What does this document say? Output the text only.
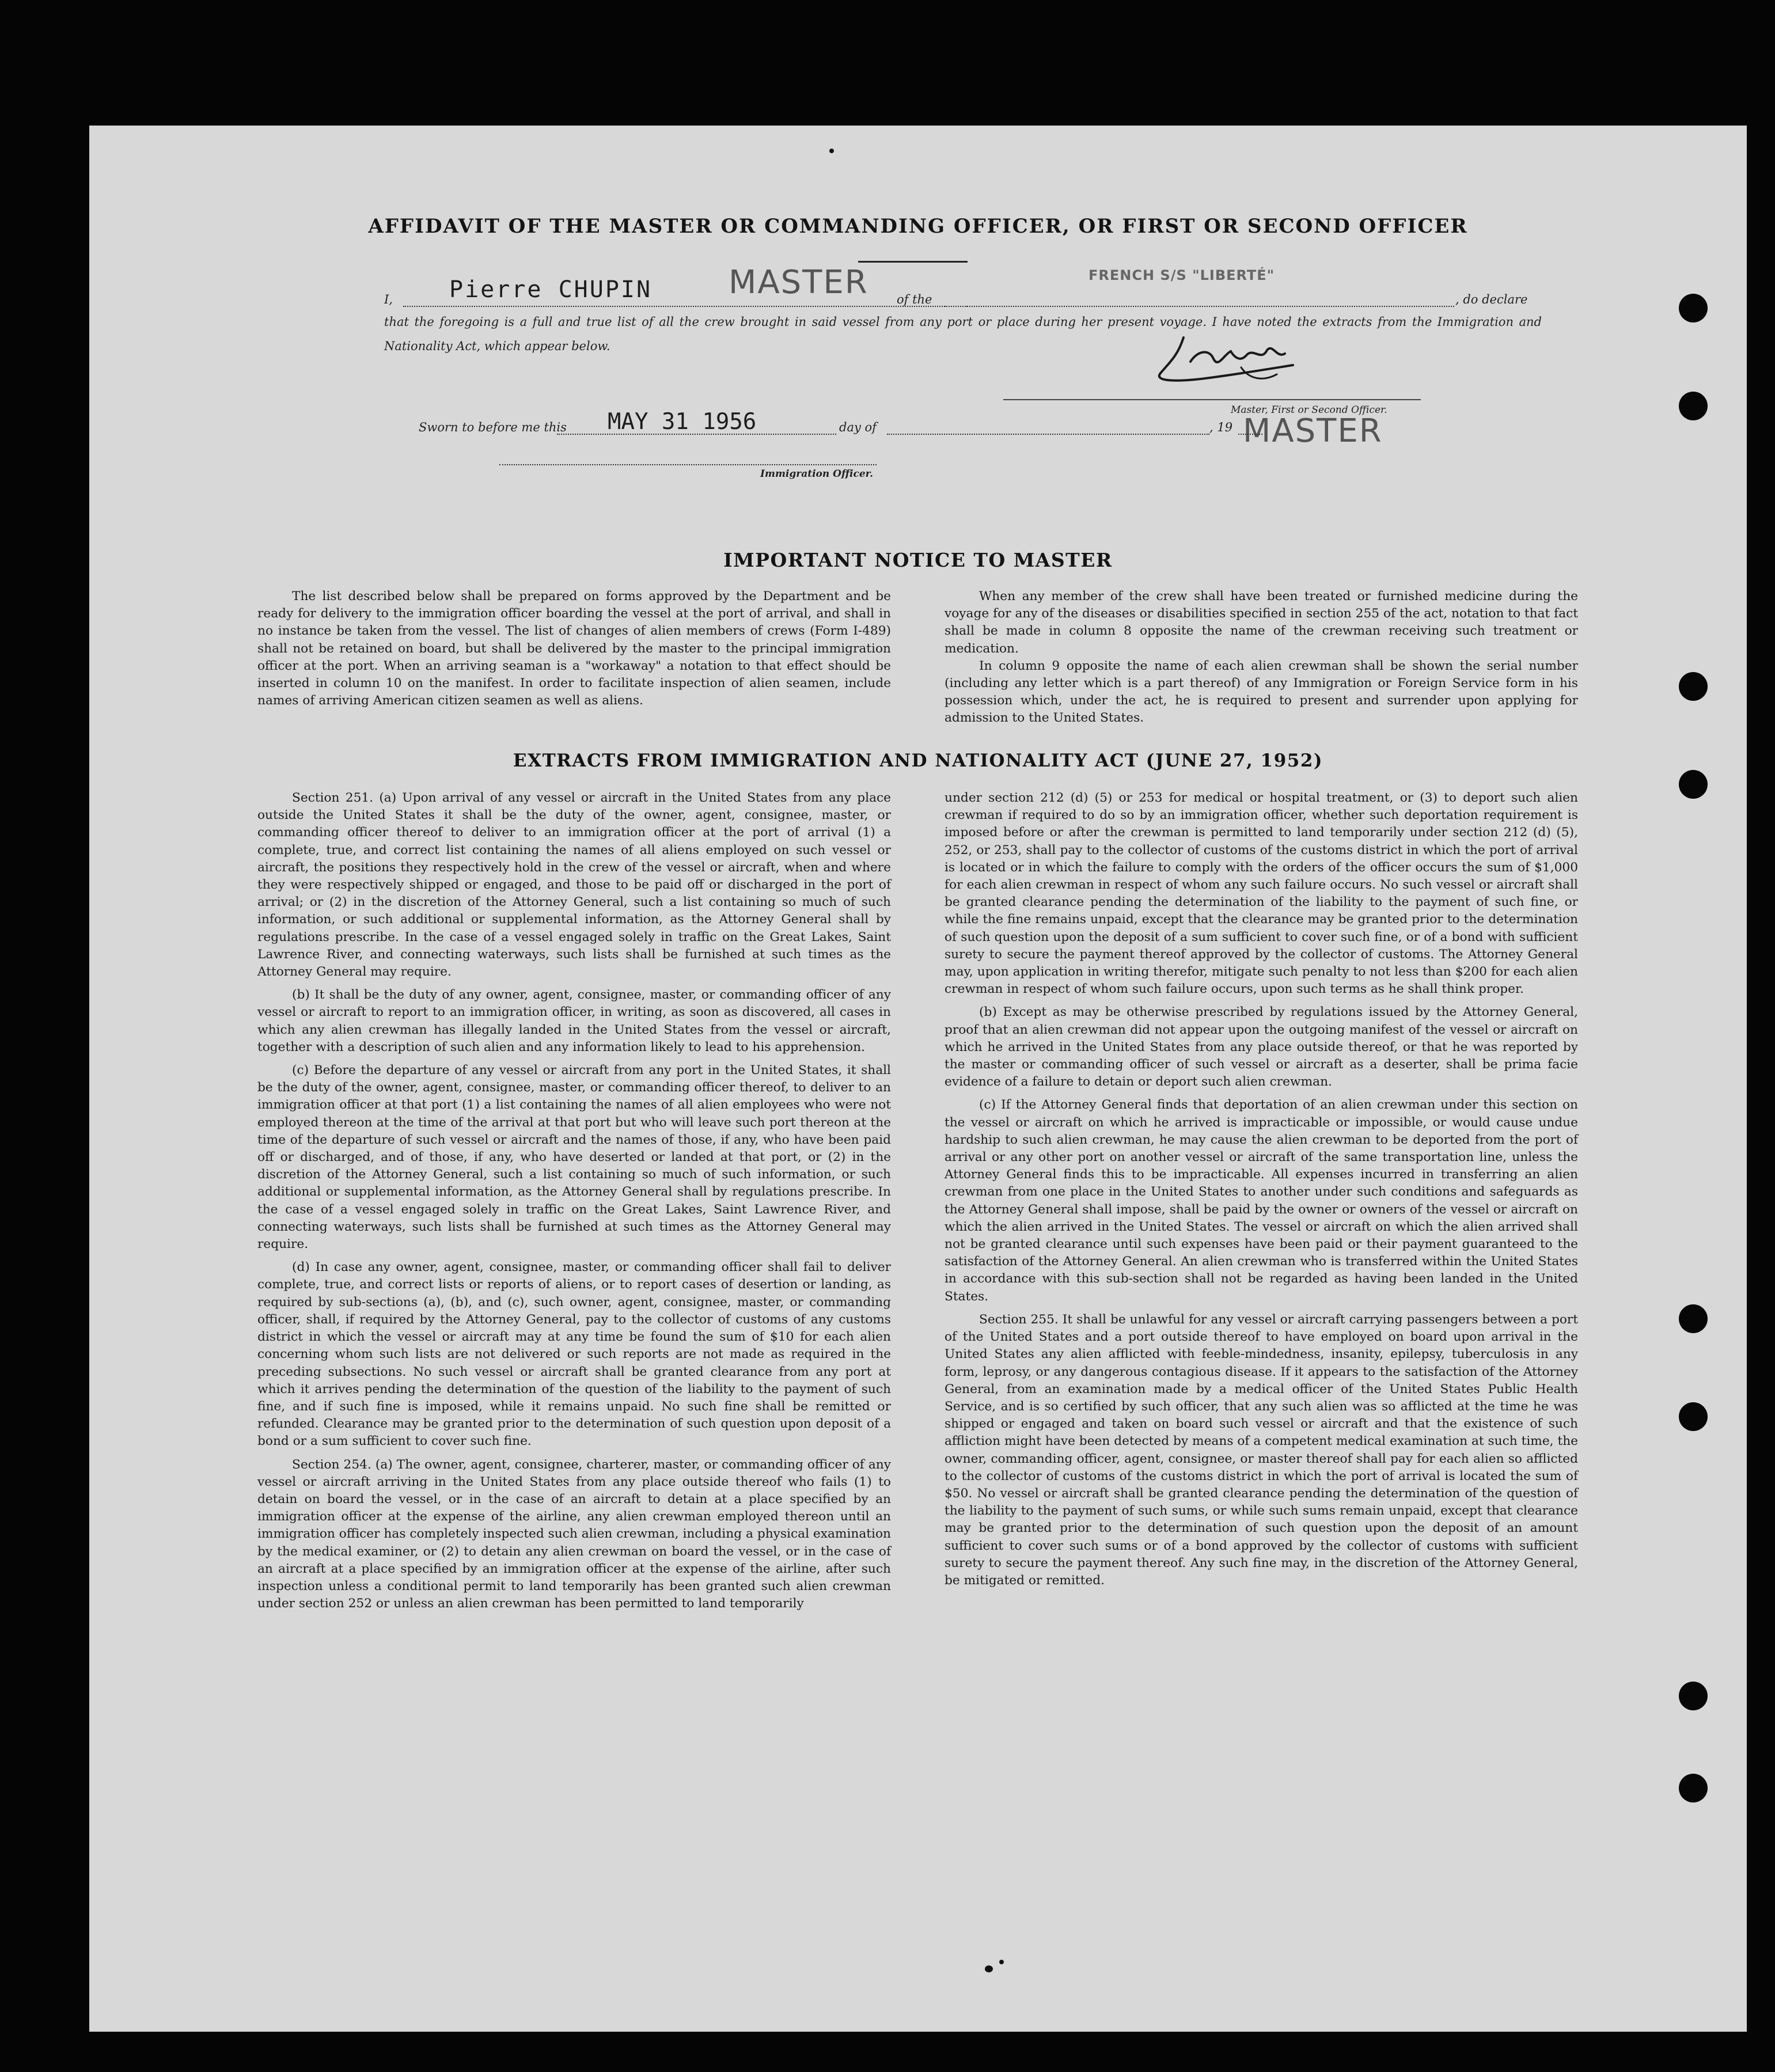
AFFIDAVIT OF THE MASTER OR COMMANDING OFFICER, OR FIRST OR SECOND OFFICER
I, Pierre CHUPIN MASTER of the
FRENCH S/S "LIBERTÉ"
, do declare
that the foregoing is a full and true list of all the crew brought in said vessel from any port or place during her present voyage. I have noted the extracts from the Immigration and Nationality Act, which appear below.
Master, First or Second Officer.
MASTER
Sworn to before me this MAY 31 1956	day of	, 19
Immigration Officer.
IMPORTANT NOTICE TO MASTER

The list described below shall be prepared on forms approved by the Department and be ready for delivery to the immigration officer boarding the vessel at the port of arrival, and shall in no instance be taken from the vessel. The list of changes of alien members of crews (Form I-489) shall not be retained on board, but shall be delivered by the master to the principal immigration officer at the port. When an arriving seaman is a "workaway" a notation to that effect should be inserted in column 10 on the manifest. In order to facilitate inspection of alien seamen, include names of arriving American citizen seamen as well as aliens.

When any member of the crew shall have been treated or furnished medicine during the voyage for any of the diseases or disabilities specified in section 255 of the act, notation to that fact shall be made in column 8 opposite the name of the crewman receiving such treatment or medication.

In column 9 opposite the name of each alien crewman shall be shown the serial number (including any letter which is a part thereof) of any Immigration or Foreign Service form in his possession which, under the act, he is required to present and surrender upon applying for admission to the United States.

EXTRACTS FROM IMMIGRATION AND NATIONALITY ACT (JUNE 27, 1952)

Section 251. (a) Upon arrival of any vessel or aircraft in the United States from any place outside the United States it shall be the duty of the owner, agent, consignee, master, or commanding officer thereof to deliver to an immigration officer at the port of arrival (1) a complete, true, and correct list containing the names of all aliens employed on such vessel or aircraft, the positions they respectively hold in the crew of the vessel or aircraft, when and where they were respectively shipped or engaged, and those to be paid off or discharged in the port of arrival; or (2) in the discretion of the Attorney General, such a list containing so much of such information, or such additional or supplemental information, as the Attorney General shall by regulations prescribe. In the case of a vessel engaged solely in traffic on the Great Lakes, Saint Lawrence River, and connecting waterways, such lists shall be furnished at such times as the Attorney General may require.

(b) It shall be the duty of any owner, agent, consignee, master, or commanding officer of any vessel or aircraft to report to an immigration officer, in writing, as soon as discovered, all cases in which any alien crewman has illegally landed in the United States from the vessel or aircraft, together with a description of such alien and any information likely to lead to his apprehension.

(c) Before the departure of any vessel or aircraft from any port in the United States, it shall be the duty of the owner, agent, consignee, master, or commanding officer thereof, to deliver to an immigration officer at that port (1) a list containing the names of all alien employees who were not employed thereon at the time of the arrival at that port but who will leave such port thereon at the time of the departure of such vessel or aircraft and the names of those, if any, who have been paid off or discharged, and of those, if any, who have deserted or landed at that port, or (2) in the discretion of the Attorney General, such a list containing so much of such information, or such additional or supplemental information, as the Attorney General shall by regulations prescribe. In the case of a vessel engaged solely in traffic on the Great Lakes, Saint Lawrence River, and connecting waterways, such lists shall be furnished at such times as the Attorney General may require.

(d) In case any owner, agent, consignee, master, or commanding officer shall fail to deliver complete, true, and correct lists or reports of aliens, or to report cases of desertion or landing, as required by sub-sections (a), (b), and (c), such owner, agent, consignee, master, or commanding officer, shall, if required by the Attorney General, pay to the collector of customs of any customs district in which the vessel or aircraft may at any time be found the sum of $10 for each alien concerning whom such lists are not delivered or such reports are not made as required in the preceding subsections. No such vessel or aircraft shall be granted clearance from any port at which it arrives pending the determination of the question of the liability to the payment of such fine, and if such fine is imposed, while it remains unpaid. No such fine shall be remitted or refunded. Clearance may be granted prior to the determination of such question upon deposit of a bond or a sum sufficient to cover such fine.

Section 254. (a) The owner, agent, consignee, charterer, master, or commanding officer of any vessel or aircraft arriving in the United States from any place outside thereof who fails (1) to detain on board the vessel, or in the case of an aircraft to detain at a place specified by an immigration officer at the expense of the airline, any alien crewman employed thereon until an immigration officer has completely inspected such alien crewman, including a physical examination by the medical examiner, or (2) to detain any alien crewman on board the vessel, or in the case of an aircraft at a place specified by an immigration officer at the expense of the airline, after such inspection unless a conditional permit to land temporarily has been granted such alien crewman under section 252 or unless an alien crewman has been permitted to land temporarily

under section 212 (d) (5) or 253 for medical or hospital treatment, or (3) to deport such alien crewman if required to do so by an immigration officer, whether such deportation requirement is imposed before or after the crewman is permitted to land temporarily under section 212 (d) (5), 252, or 253, shall pay to the collector of customs of the customs district in which the port of arrival is located or in which the failure to comply with the orders of the officer occurs the sum of $1,000 for each alien crewman in respect of whom any such failure occurs. No such vessel or aircraft shall be granted clearance pending the determination of the liability to the payment of such fine, or while the fine remains unpaid, except that the clearance may be granted prior to the determination of such question upon the deposit of a sum sufficient to cover such fine, or of a bond with sufficient surety to secure the payment thereof approved by the collector of customs. The Attorney General may, upon application in writing therefor, mitigate such penalty to not less than $200 for each alien crewman in respect of whom such failure occurs, upon such terms as he shall think proper.

(b) Except as may be otherwise prescribed by regulations issued by the Attorney General, proof that an alien crewman did not appear upon the outgoing manifest of the vessel or aircraft on which he arrived in the United States from any place outside thereof, or that he was reported by the master or commanding officer of such vessel or aircraft as a deserter, shall be prima facie evidence of a failure to detain or deport such alien crewman.

(c) If the Attorney General finds that deportation of an alien crewman under this section on the vessel or aircraft on which he arrived is impracticable or impossible, or would cause undue hardship to such alien crewman, he may cause the alien crewman to be deported from the port of arrival or any other port on another vessel or aircraft of the same transportation line, unless the Attorney General finds this to be impracticable. All expenses incurred in transferring an alien crewman from one place in the United States to another under such conditions and safeguards as the Attorney General shall impose, shall be paid by the owner or owners of the vessel or aircraft on which the alien arrived in the United States. The vessel or aircraft on which the alien arrived shall not be granted clearance until such expenses have been paid or their payment guaranteed to the satisfaction of the Attorney General. An alien crewman who is transferred within the United States in accordance with this sub-section shall not be regarded as having been landed in the United States.

Section 255. It shall be unlawful for any vessel or aircraft carrying passengers between a port of the United States and a port outside thereof to have employed on board upon arrival in the United States any alien afflicted with feeble-mindedness, insanity, epilepsy, tuberculosis in any form, leprosy, or any dangerous contagious disease. If it appears to the satisfaction of the Attorney General, from an examination made by a medical officer of the United States Public Health Service, and is so certified by such officer, that any such alien was so afflicted at the time he was shipped or engaged and taken on board such vessel or aircraft and that the existence of such affliction might have been detected by means of a competent medical examination at such time, the owner, commanding officer, agent, consignee, or master thereof shall pay for each alien so afflicted to the collector of customs of the customs district in which the port of arrival is located the sum of $50. No vessel or aircraft shall be granted clearance pending the determination of the question of the liability to the payment of such sums, or while such sums remain unpaid, except that clearance may be granted prior to the determination of such question upon the deposit of an amount sufficient to cover such sums or of a bond approved by the collector of customs with sufficient surety to secure the payment thereof. Any such fine may, in the discretion of the Attorney General, be mitigated or remitted.
